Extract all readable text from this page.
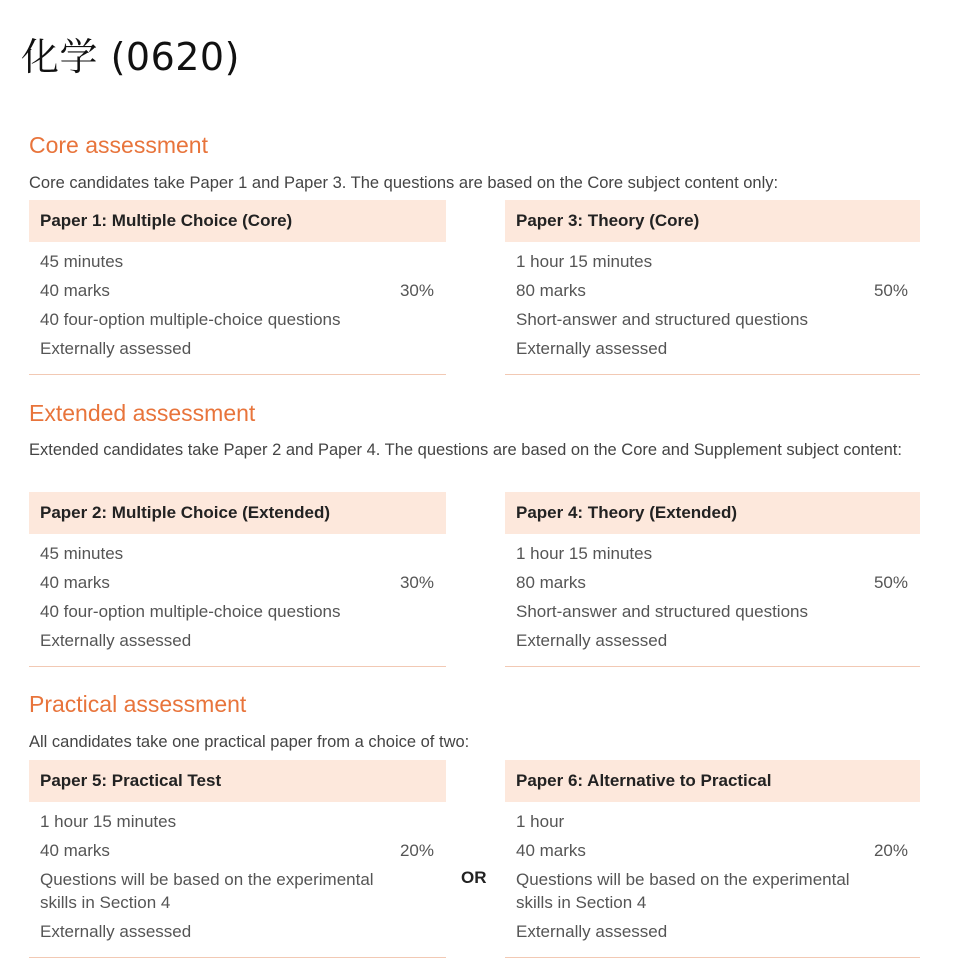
化学 (0620)
Core assessment
Core candidates take Paper 1 and Paper 3. The questions are based on the Core subject content only:
Paper 1: Multiple Choice (Core)
45 minutes
40 marks	30%
40 four-option multiple-choice questions
Externally assessed
Paper 3: Theory (Core)
1 hour 15 minutes
80 marks	50%
Short-answer and structured questions
Externally assessed
Extended assessment
Extended candidates take Paper 2 and Paper 4. The questions are based on the Core and Supplement subject content:
Paper 2: Multiple Choice (Extended)
45 minutes
40 marks	30%
40 four-option multiple-choice questions
Externally assessed
Paper 4: Theory (Extended)
1 hour 15 minutes
80 marks	50%
Short-answer and structured questions
Externally assessed
Practical assessment
All candidates take one practical paper from a choice of two:
Paper 5: Practical Test
1 hour 15 minutes
40 marks	20%
Questions will be based on the experimental skills in Section 4
Externally assessed
OR
Paper 6: Alternative to Practical
1 hour
40 marks	20%
Questions will be based on the experimental skills in Section 4
Externally assessed
